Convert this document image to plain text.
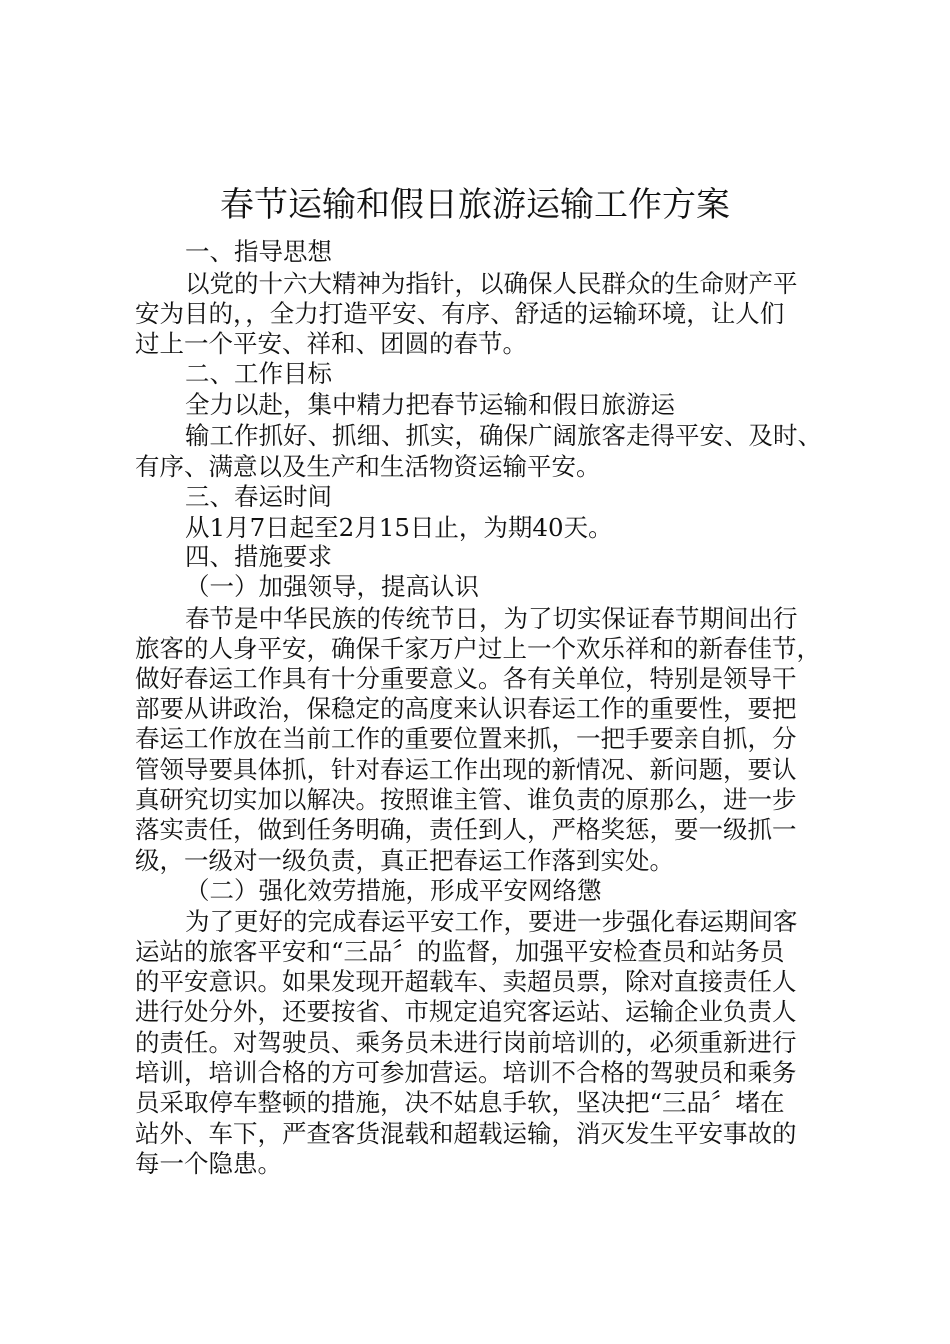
春节运输和假日旅游运输工作方案
一、指导思想
以党的十六大精神为指针，以确保人民群众的生命财产平
安为目的，，全力打造平安、有序、舒适的运输环境，让人们
过上一个平安、祥和、团圆的春节。
二、工作目标
全力以赴，集中精力把春节运输和假日旅游运
输工作抓好、抓细、抓实，确保广阔旅客走得平安、及时、
有序、满意以及生产和生活物资运输平安。
三、春运时间
从1月7日起至2月15日止，为期40天。
四、措施要求
（一）加强领导，提高认识
春节是中华民族的传统节日，为了切实保证春节期间出行
旅客的人身平安，确保千家万户过上一个欢乐祥和的新春佳节，
做好春运工作具有十分重要意义。各有关单位，特别是领导干
部要从讲政治，保稳定的高度来认识春运工作的重要性，要把
春运工作放在当前工作的重要位置来抓，一把手要亲自抓，分
管领导要具体抓，针对春运工作出现的新情况、新问题，要认
真研究切实加以解决。按照谁主管、谁负责的原那么，进一步
落实责任，做到任务明确，责任到人，严格奖惩，要一级抓一
级，一级对一级负责，真正把春运工作落到实处。
（二）强化效劳措施，形成平安网络懲
为了更好的完成春运平安工作，要进一步强化春运期间客
运站的旅客平安和“三品〞的监督，加强平安检查员和站务员
的平安意识。如果发现开超载车、卖超员票，除对直接责任人
进行处分外，还要按省、市规定追究客运站、运输企业负责人
的责任。对驾驶员、乘务员未进行岗前培训的，必须重新进行
培训，培训合格的方可参加营运。培训不合格的驾驶员和乘务
员采取停车整顿的措施，决不姑息手软，坚决把“三品〞堵在
站外、车下，严查客货混载和超载运输，消灭发生平安事故的
每一个隐患。
